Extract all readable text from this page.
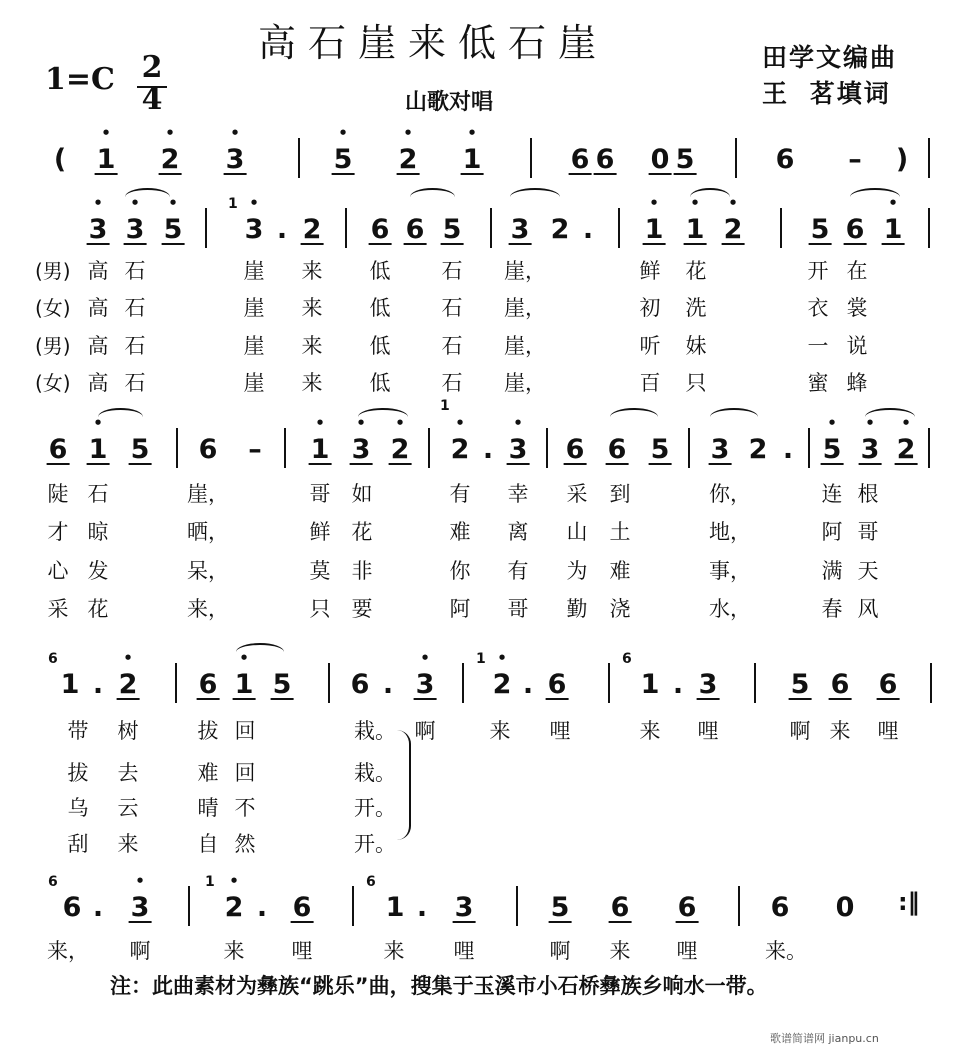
高石崖来低石崖
山歌对唱
田学文编曲
王 茗填词
1=C 2
4
( • 1 • 2 • 3	• 5 • 2 • 1	6 6 0 5	6 – )
• 3 • 3 • 5
1
• 3 . 2 6 6 5 3 2 . • 1 • 1 • 2	5 6 • 1
(男)
(女)
(男)
(女)
高 石	崖 来 低 石 崖，	鲜 花	开 在
高 石	崖 来 低 石 崖，	初 洗	衣 裳
高 石	崖 来 低 石 崖，	听 妹	一 说
高 石	崖 来 低 石 崖，	百 只	蜜 蜂
6 • 1 5 6 – • 1 • 3 • 2
1
• 2 . • 3 6 6 5 3 2 . • 5 • 3 • 2
陡 石	崖，	哥 如	有 幸 采 到	你，	连 根
才 晾	晒，	鲜 花	难 离 山 土	地，	阿 哥
心 发	呆，	莫 非	你 有 为 难	事，	满 天
采 花	来，	只 要	阿 哥 勤 浇	水，	春 风
6
1 . • 2 6 • 1 5 6 . • 3
1
• 2 . 6
6
1 . 3	5 6 6
带 树	拔 回	栽。 啊	来 哩	来 哩	啊 来 哩
拔 去	难 回	栽。
乌 云	晴 不	开。
刮 来	自 然	开。
6
6 . • 3
1
• 2 . 6
6
1 . 3	5 6 6	6 0 :‖
来， 啊	来 哩	来 哩	啊 来 哩	来。
注：此曲素材为彝族“跳乐”曲，搜集于玉溪市小石桥彝族乡响水一带。
歌谱简谱网 jianpu.cn
